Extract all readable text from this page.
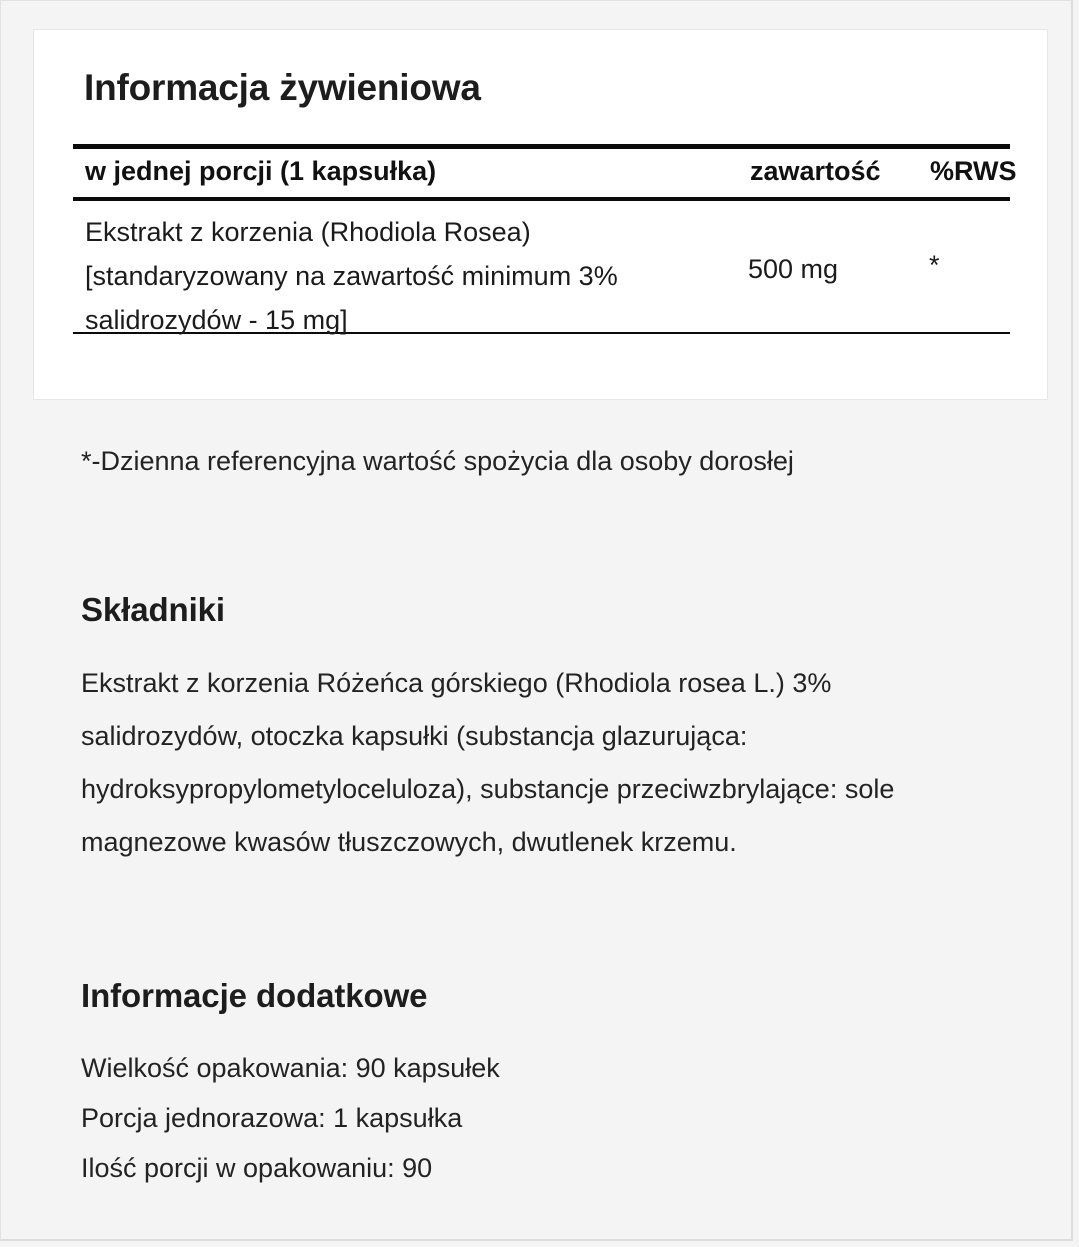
Informacja żywieniowa
w jednej porcji (1 kapsułka)	zawartość %RWS
Ekstrakt z korzenia (Rhodiola Rosea) [standaryzowany na zawartość minimum 3% salidrozydów - 15 mg]
500 mg	*
*-Dzienna referencyjna wartość spożycia dla osoby dorosłej
Składniki

Ekstrakt z korzenia Różeńca górskiego (Rhodiola rosea L.) 3% salidrozydów, otoczka kapsułki (substancja glazurująca: hydroksypropylometyloceluloza), substancje przeciwzbrylające: sole magnezowe kwasów tłuszczowych, dwutlenek krzemu.

Informacje dodatkowe
Wielkość opakowania: 90 kapsułek
Porcja jednorazowa: 1 kapsułka
Ilość porcji w opakowaniu: 90
